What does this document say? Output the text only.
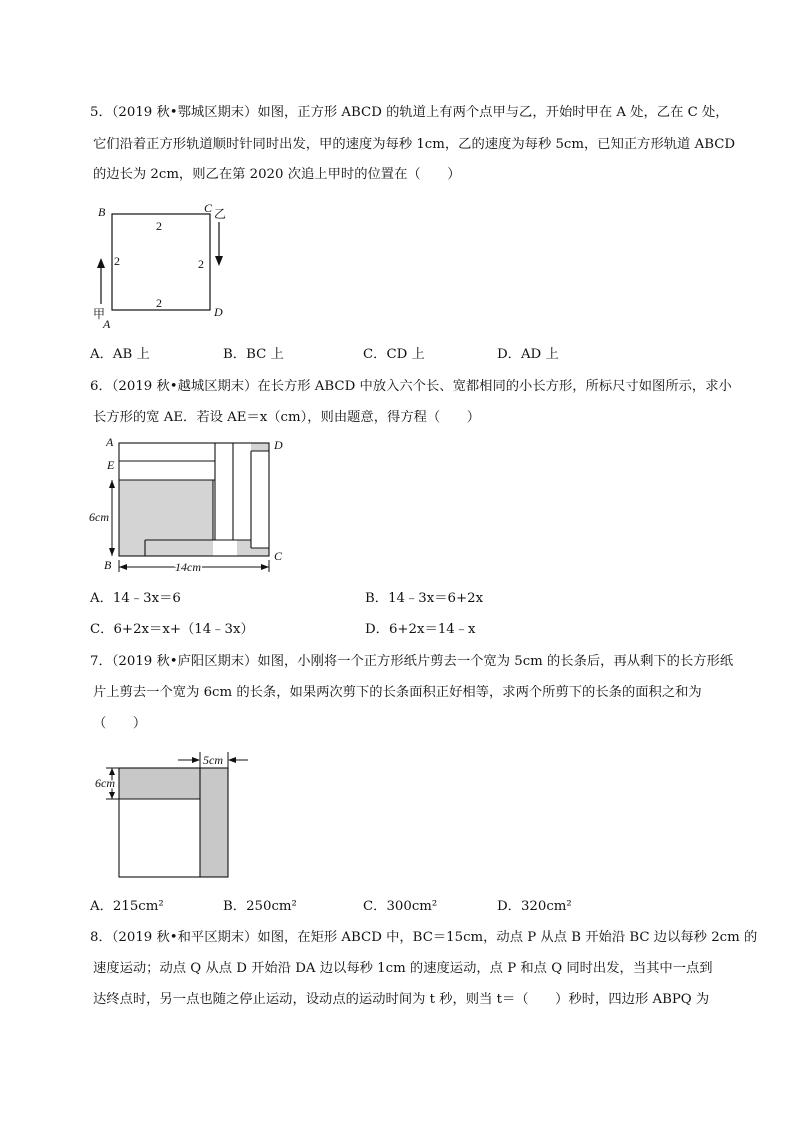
5．（2019 秋•鄂城区期末）如图，正方形 ABCD 的轨道上有两个点甲与乙，开始时甲在 A 处，乙在 C 处，
它们沿着正方形轨道顺时针同时出发，甲的速度为每秒 1cm，乙的速度为每秒 5cm，已知正方形轨道 ABCD
的边长为 2cm，则乙在第 2020 次追上甲时的位置在（　　）
B	C 乙
D
A
甲
2
2	2
2
A．AB 上	B．BC 上	C．CD 上	D．AD 上
6．（2019 秋•越城区期末）在长方形 ABCD 中放入六个长、宽都相同的小长方形，所标尺寸如图所示，求小
长方形的宽 AE．若设 AE＝x（cm），则由题意，得方程（　　）
A	D
E
B
C
6cm
14cm
A．14﹣3x＝6	B．14﹣3x＝6+2x
C．6+2x＝x+（14﹣3x）	D．6+2x＝14﹣x
7．（2019 秋•庐阳区期末）如图，小刚将一个正方形纸片剪去一个宽为 5cm 的长条后，再从剩下的长方形纸
片上剪去一个宽为 6cm 的长条，如果两次剪下的长条面积正好相等，求两个所剪下的长条的面积之和为
（　　）
5cm
6cm
A．215cm²	B．250cm²	C．300cm²	D．320cm²
8．（2019 秋•和平区期末）如图，在矩形 ABCD 中，BC＝15cm，动点 P 从点 B 开始沿 BC 边以每秒 2cm 的
速度运动；动点 Q 从点 D 开始沿 DA 边以每秒 1cm 的速度运动，点 P 和点 Q 同时出发，当其中一点到
达终点时，另一点也随之停止运动，设动点的运动时间为 t 秒，则当 t＝（　　）秒时，四边形 ABPQ 为
